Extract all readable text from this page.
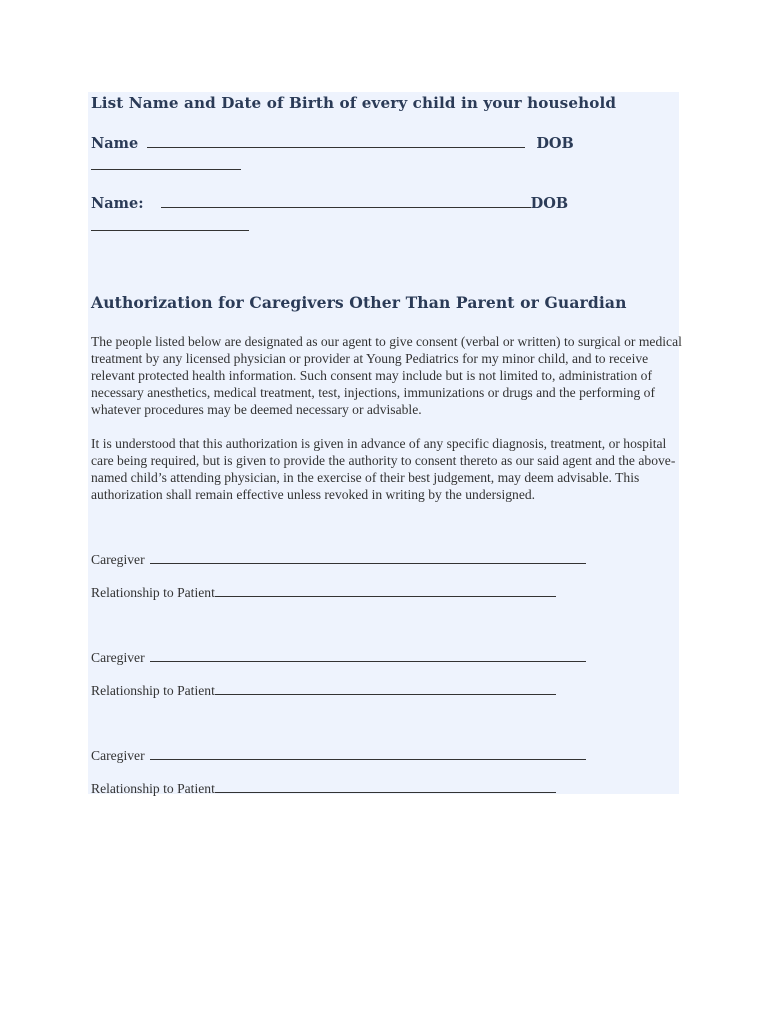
List Name and Date of Birth of every child in your household

Name	DOB
Name:	DOB

Authorization for Caregivers Other Than Parent or Guardian

The people listed below are designated as our agent to give consent (verbal or written) to surgical or medical treatment by any licensed physician or provider at Young Pediatrics for my minor child, and to receive relevant protected health information. Such consent may include but is not limited to, administration of necessary anesthetics, medical treatment, test, injections, immunizations or drugs and the performing of whatever procedures may be deemed necessary or advisable.

It is understood that this authorization is given in advance of any specific diagnosis, treatment, or hospital care being required, but is given to provide the authority to consent thereto as our said agent and the above-named child’s attending physician, in the exercise of their best judgement, may deem advisable. This authorization shall remain effective unless revoked in writing by the undersigned.

Caregiver
Relationship to Patient
Caregiver
Relationship to Patient
Caregiver
Relationship to Patient
